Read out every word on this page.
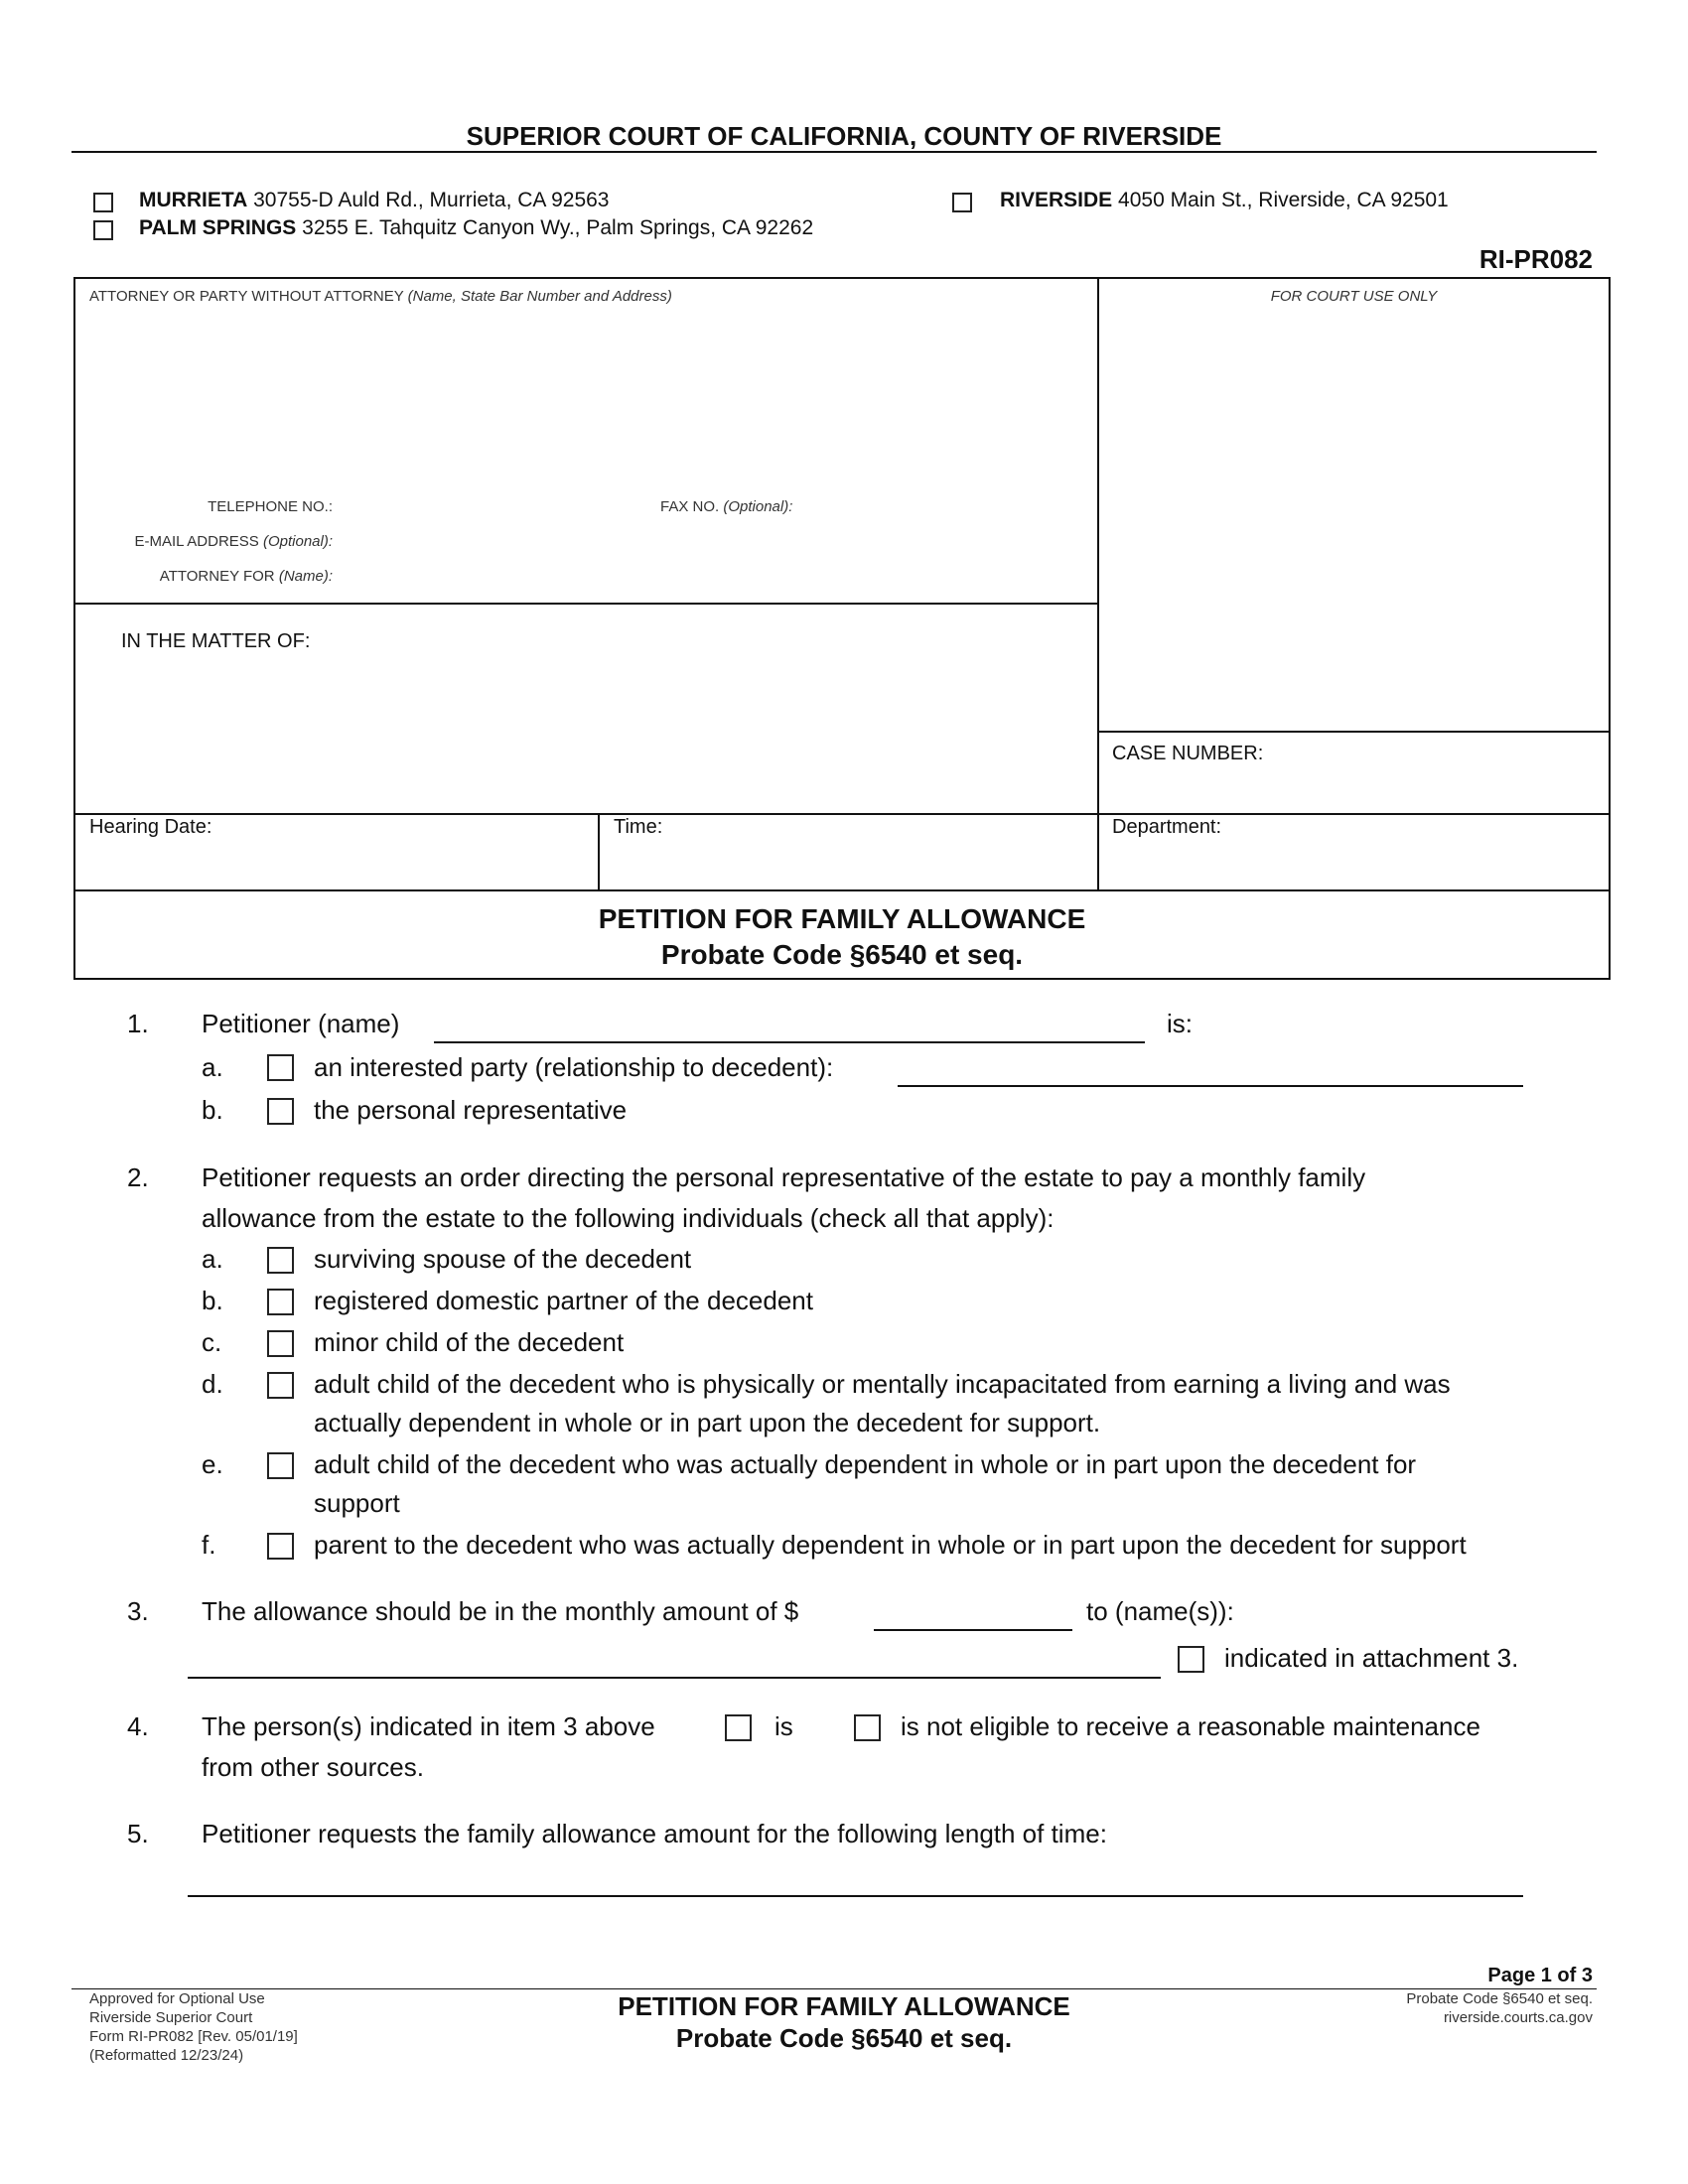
SUPERIOR COURT OF CALIFORNIA, COUNTY OF RIVERSIDE
MURRIETA 30755-D Auld Rd., Murrieta, CA 92563
PALM SPRINGS 3255 E. Tahquitz Canyon Wy., Palm Springs, CA 92262
RIVERSIDE 4050 Main St., Riverside, CA 92501
RI-PR082
ATTORNEY OR PARTY WITHOUT ATTORNEY (Name, State Bar Number and Address)	FOR COURT USE ONLY
TELEPHONE NO.:	FAX NO. (Optional):
E-MAIL ADDRESS (Optional):
ATTORNEY FOR (Name):
IN THE MATTER OF:
CASE NUMBER:
Hearing Date:	Time:	Department:
PETITION FOR FAMILY ALLOWANCE
Probate Code §6540 et seq.
1. Petitioner (name)	is:
a.	an interested party (relationship to decedent):
b.	the personal representative
2. Petitioner requests an order directing the personal representative of the estate to pay a monthly family
allowance from the estate to the following individuals (check all that apply):
a.	surviving spouse of the decedent
b.	registered domestic partner of the decedent
c.	minor child of the decedent
d.	adult child of the decedent who is physically or mentally incapacitated from earning a living and was
actually dependent in whole or in part upon the decedent for support.
e.	adult child of the decedent who was actually dependent in whole or in part upon the decedent for
support
f.	parent to the decedent who was actually dependent in whole or in part upon the decedent for support
3. The allowance should be in the monthly amount of $	to (name(s)):
indicated in attachment 3.
4. The person(s) indicated in item 3 above	is	is not eligible to receive a reasonable maintenance
from other sources.
5. Petitioner requests the family allowance amount for the following length of time:
Page 1 of 3
Approved for Optional Use
Riverside Superior Court
Form RI-PR082 [Rev. 05/01/19]
(Reformatted 12/23/24)
PETITION FOR FAMILY ALLOWANCE
Probate Code §6540 et seq.
Probate Code §6540 et seq.
riverside.courts.ca.gov
